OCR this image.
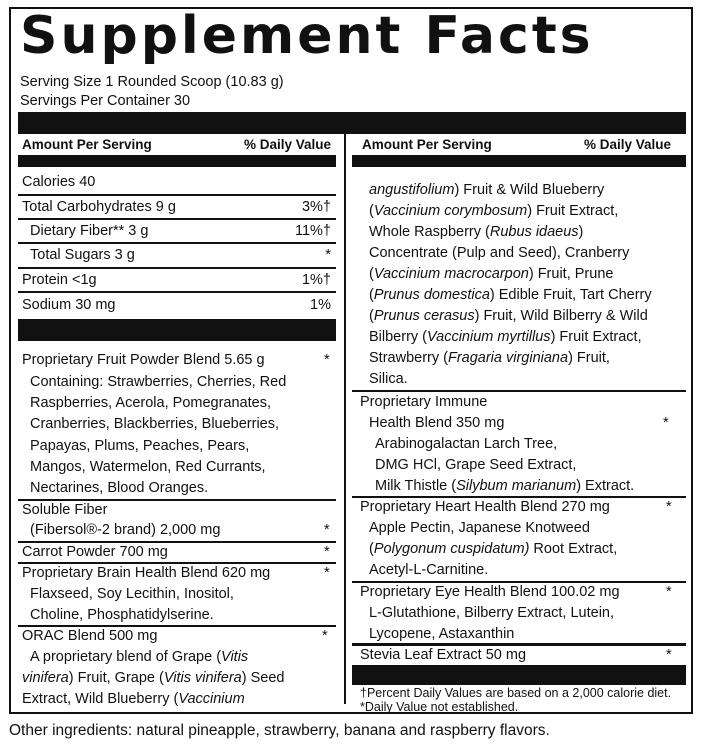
Supplement Facts
Serving Size 1 Rounded Scoop (10.83 g)
Servings Per Container 30
Amount Per Serving	% Daily Value Amount Per Serving	% Daily Value
Calories 40
Total Carbohydrates 9 g	3%†
Dietary Fiber** 3 g	11%†
Total Sugars 3 g	*
Protein <1g	1%†
Sodium 30 mg	1%
Proprietary Fruit Powder Blend 5.65 g	*
Containing: Strawberries, Cherries, Red
Raspberries, Acerola, Pomegranates,
Cranberries, Blackberries, Blueberries,
Papayas, Plums, Peaches, Pears,
Mangos, Watermelon, Red Currants,
Nectarines, Blood Oranges.
Soluble Fiber
(Fibersol®-2 brand) 2,000 mg	*
Carrot Powder 700 mg	*
Proprietary Brain Health Blend 620 mg	*
Flaxseed, Soy Lecithin, Inositol,
Choline, Phosphatidylserine.
ORAC Blend 500 mg	*
A proprietary blend of Grape (Vitis
vinifera) Fruit, Grape (Vitis vinifera) Seed
Extract, Wild Blueberry (Vaccinium
angustifolium) Fruit & Wild Blueberry
(Vaccinium corymbosum) Fruit Extract,
Whole Raspberry (Rubus idaeus)
Concentrate (Pulp and Seed), Cranberry
(Vaccinium macrocarpon) Fruit, Prune
(Prunus domestica) Edible Fruit, Tart Cherry
(Prunus cerasus) Fruit, Wild Bilberry & Wild
Bilberry (Vaccinium myrtillus) Fruit Extract,
Strawberry (Fragaria virginiana) Fruit,
Silica.
Proprietary Immune
Health Blend 350 mg	*
Arabinogalactan Larch Tree,
DMG HCl, Grape Seed Extract,
Milk Thistle (Silybum marianum) Extract.
Proprietary Heart Health Blend 270 mg	*
Apple Pectin, Japanese Knotweed
(Polygonum cuspidatum) Root Extract,
Acetyl-L-Carnitine.
Proprietary Eye Health Blend 100.02 mg	*
L-Glutathione, Bilberry Extract, Lutein,
Lycopene, Astaxanthin
Stevia Leaf Extract 50 mg	*
†Percent Daily Values are based on a 2,000 calorie diet.
*Daily Value not established.
Other ingredients: natural pineapple, strawberry, banana and raspberry flavors.
